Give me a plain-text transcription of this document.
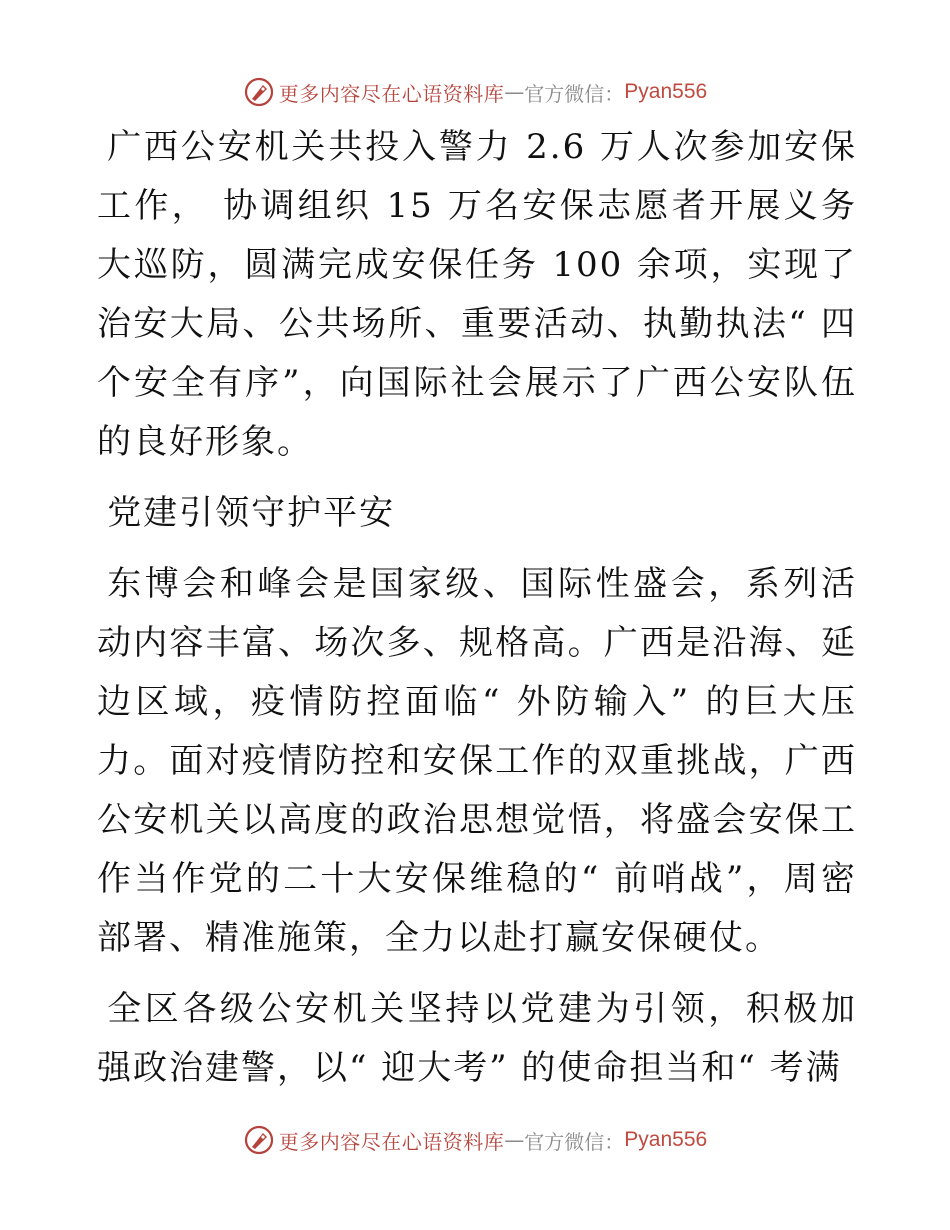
更多内容尽在心语资料库 — 官方微信： Pyan556

广西公安机关共投入警力 2.6 万人次参加安保工作， 协调组织 15 万名安保志愿者开展义务大巡防，圆满完成安保任务 100 余项，实现了治安大局、公共场所、重要活动、执勤执法“ 四个安全有序”，向国际社会展示了广西公安队伍的良好形象。

党建引领守护平安

东博会和峰会是国家级、国际性盛会，系列活动内容丰富、场次多、规格高。广西是沿海、延边区域，疫情防控面临“ 外防输入” 的巨大压力。面对疫情防控和安保工作的双重挑战，广西公安机关以高度的政治思想觉悟，将盛会安保工作当作党的二十大安保维稳的“ 前哨战”，周密部署、精准施策，全力以赴打赢安保硬仗。

全区各级公安机关坚持以党建为引领，积极加强政治建警，以“ 迎大考” 的使命担当和“ 考满

更多内容尽在心语资料库 — 官方微信： Pyan556
